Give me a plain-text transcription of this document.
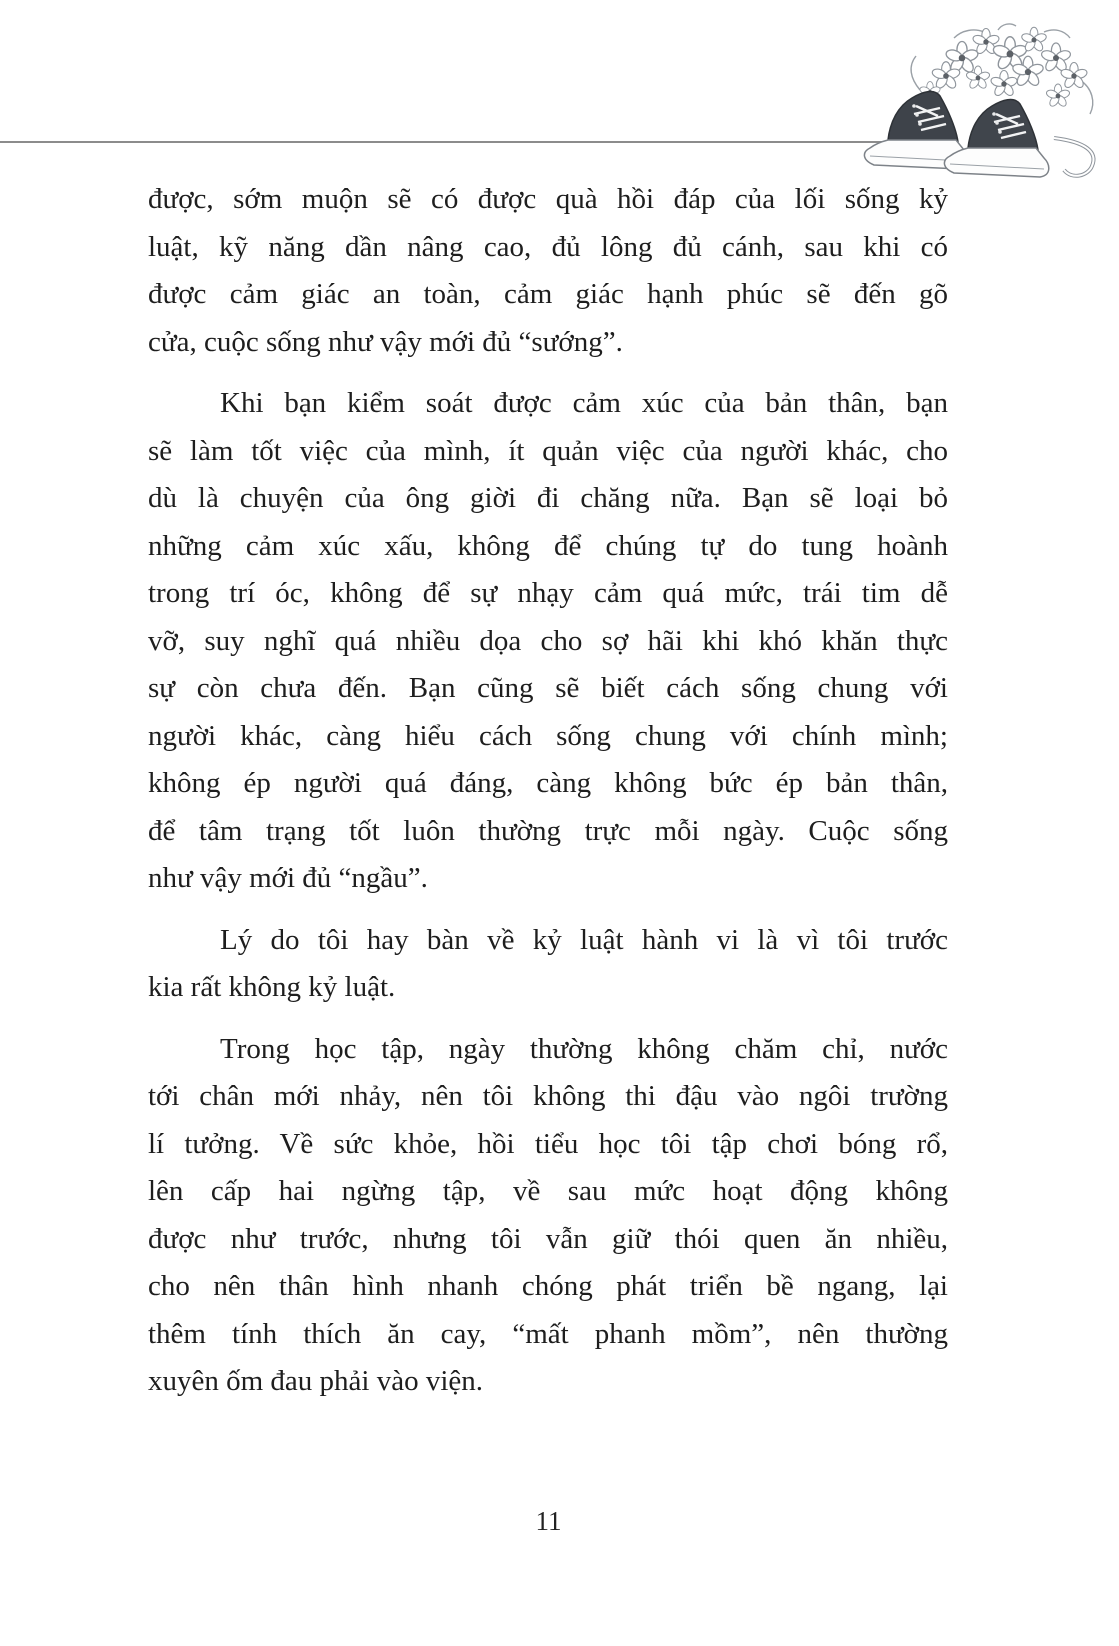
được, sớm muộn sẽ có được quà hồi đáp của lối sống kỷ
luật, kỹ năng dần nâng cao, đủ lông đủ cánh, sau khi có
được cảm giác an toàn, cảm giác hạnh phúc sẽ đến gõ
cửa, cuộc sống như vậy mới đủ “sướng”.
Khi bạn kiểm soát được cảm xúc của bản thân, bạn
sẽ làm tốt việc của mình, ít quản việc của người khác, cho
dù là chuyện của ông giời đi chăng nữa. Bạn sẽ loại bỏ
những cảm xúc xấu, không để chúng tự do tung hoành
trong trí óc, không để sự nhạy cảm quá mức, trái tim dễ
vỡ, suy nghĩ quá nhiều dọa cho sợ hãi khi khó khăn thực
sự còn chưa đến. Bạn cũng sẽ biết cách sống chung với
người khác, càng hiểu cách sống chung với chính mình;
không ép người quá đáng, càng không bức ép bản thân,
để tâm trạng tốt luôn thường trực mỗi ngày. Cuộc sống
như vậy mới đủ “ngầu”.
Lý do tôi hay bàn về kỷ luật hành vi là vì tôi trước
kia rất không kỷ luật.
Trong học tập, ngày thường không chăm chỉ, nước
tới chân mới nhảy, nên tôi không thi đậu vào ngôi trường
lí tưởng. Về sức khỏe, hồi tiểu học tôi tập chơi bóng rổ,
lên cấp hai ngừng tập, về sau mức hoạt động không
được như trước, nhưng tôi vẫn giữ thói quen ăn nhiều,
cho nên thân hình nhanh chóng phát triển bề ngang, lại
thêm tính thích ăn cay, “mất phanh mồm”, nên thường
xuyên ốm đau phải vào viện.
11
